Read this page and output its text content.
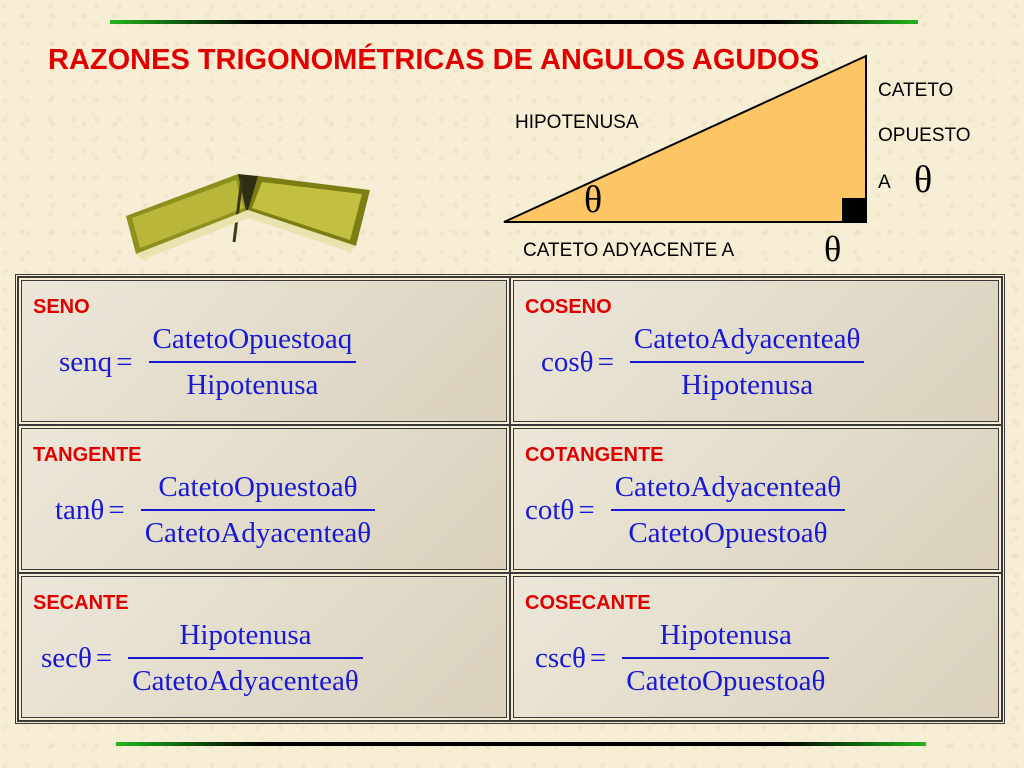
RAZONES TRIGONOMÉTRICAS DE ANGULOS AGUDOS
HIPOTENUSA
CATETO
OPUESTO
A θ
θ
CATETO ADYACENTE A θ
SENO
senq = $\frac{\text{CatetoOpuestoaq}}{\text{Hipotenusa}}$
COSENO
$\cos\theta = \frac{\text{CatetoAdyacenteaθ}}{\text{Hipotenusa}}$
TANGENTE
$\tan\theta = \frac{\text{CatetoOpuestoaθ}}{\text{CatetoAdyacenteaθ}}$
COTANGENTE
$\cot\theta = \frac{\text{CatetoAdyacenteaθ}}{\text{CatetoOpuestoaθ}}$
SECANTE
$\sec\theta = \frac{\text{Hipotenusa}}{\text{CatetoAdyacenteaθ}}$
COSECANTE
$\csc\theta = \frac{\text{Hipotenusa}}{\text{CatetoOpuestoaθ}}$
